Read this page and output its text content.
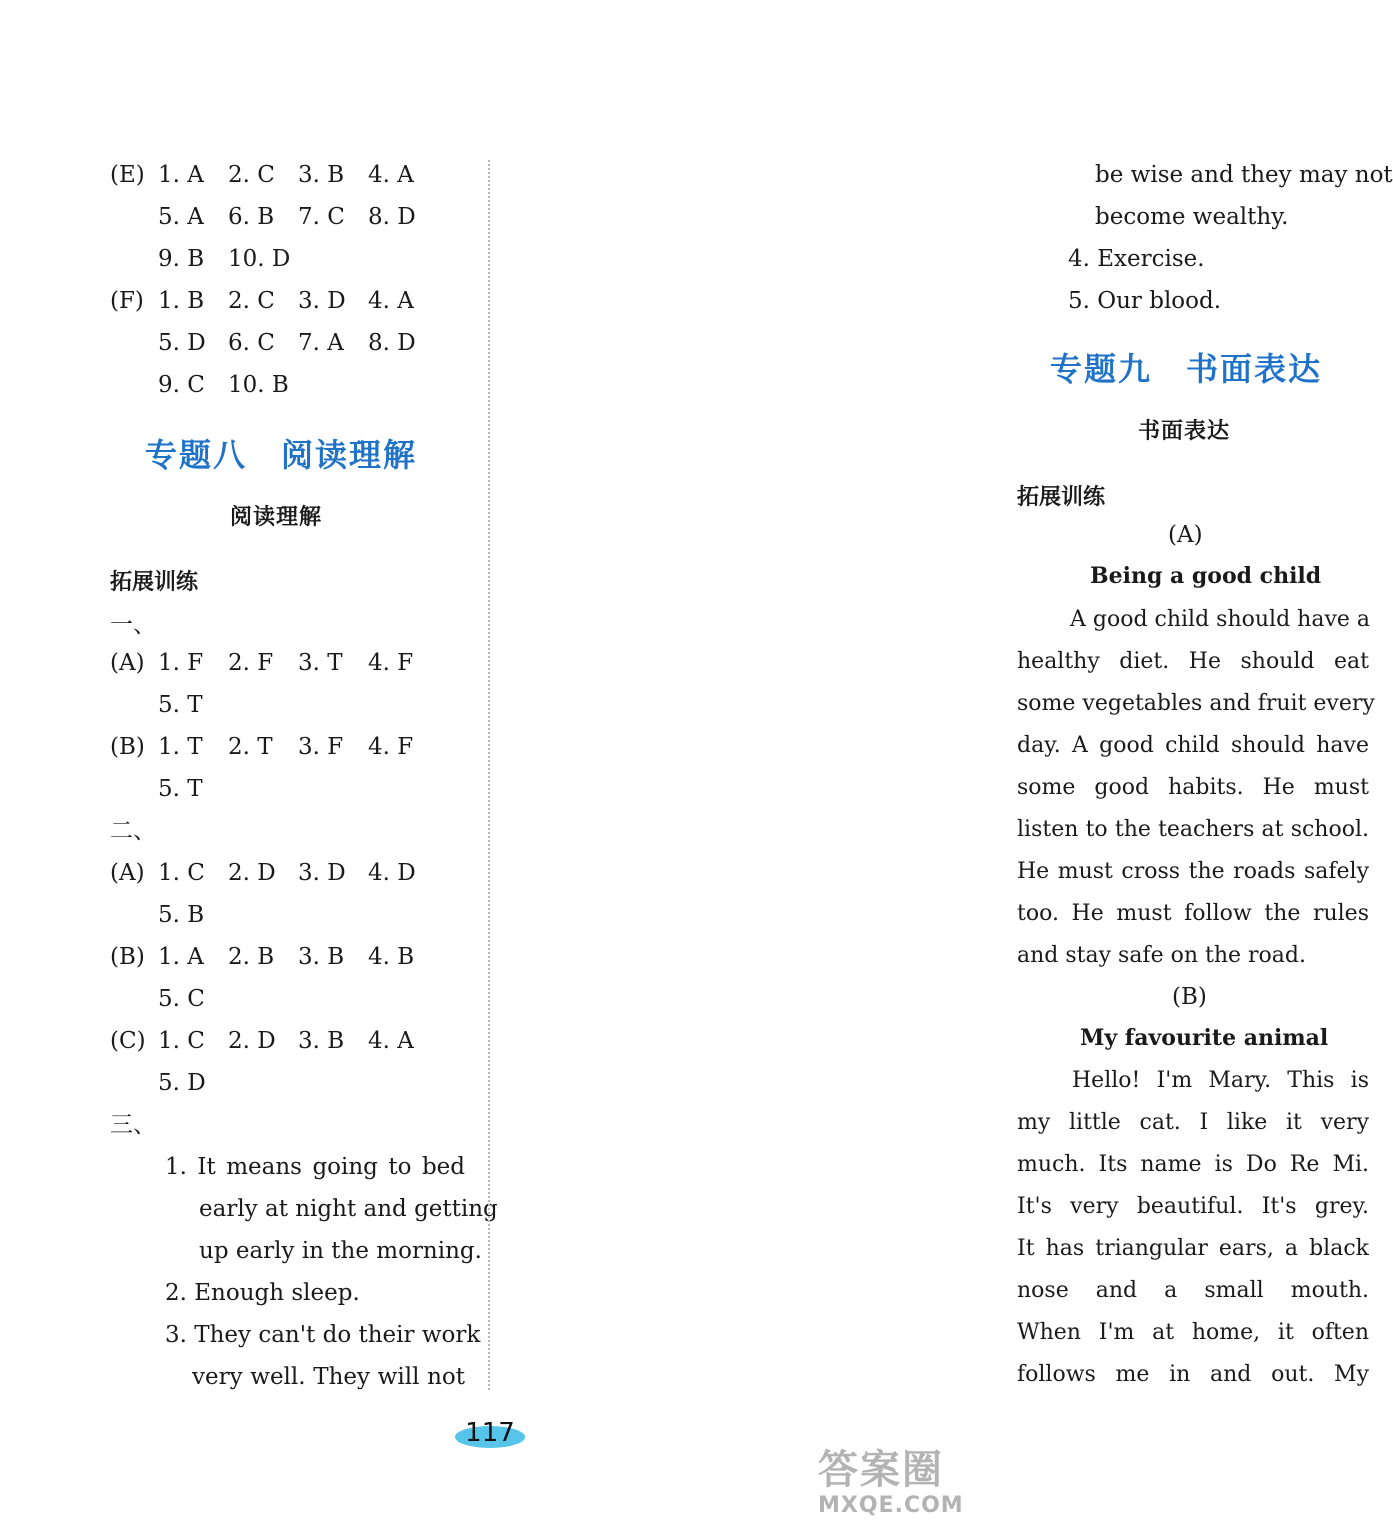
(E) 1. A 2. C 3. B 4. A
5. A 6. B 7. C 8. D
9. B 10. D
(F) 1. B 2. C 3. D 4. A
5. D 6. C 7. A 8. D
9. C 10. B
专题八　阅读理解
阅读理解
拓展训练
一、
(A) 1. F 2. F 3. T 4. F
5. T
(B) 1. T 2. T 3. F 4. F
5. T
二、
(A) 1. C 2. D 3. D 4. D
5. B
(B) 1. A 2. B 3. B 4. B
5. C
(C) 1. C 2. D 3. B 4. A
5. D
三、
1. It means going to bed
early at night and getting
up early in the morning.
2. Enough sleep.
3. They can't do their work
very well. They will not
be wise and they may not
become wealthy.
4. Exercise.
5. Our blood.
专题九　书面表达
书面表达
拓展训练
(A)
Being a good child
A good child should have a
healthy diet. He should eat
some vegetables and fruit every
day. A good child should have
some good habits. He must
listen to the teachers at school.
He must cross the roads safely
too. He must follow the rules
and stay safe on the road.
(B)
My favourite animal
Hello! I'm Mary. This is
my little cat. I like it very
much. Its name is Do Re Mi.
It's very beautiful. It's grey.
It has triangular ears, a black
nose and a small mouth.
When I'm at home, it often
follows me in and out. My
117
答案圈
MXQE.COM
